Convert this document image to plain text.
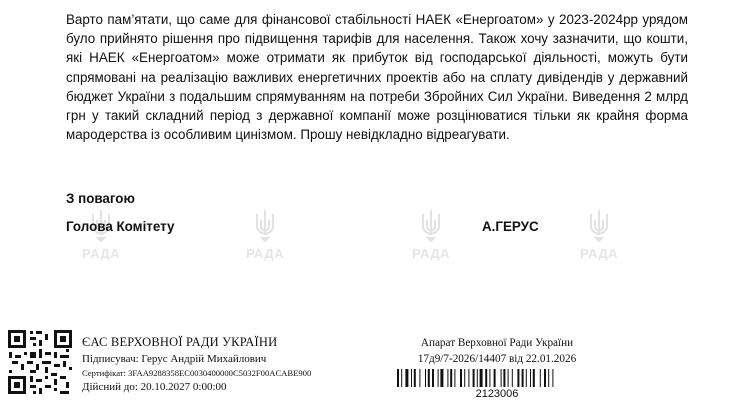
Варто пам’ятати, що саме для фінансової стабільності НАЕК «Енергоатом» у 2023-2024рр урядом було прийнято рішення про підвищення тарифів для населення. Також хочу зазначити, що кошти, які НАЕК «Енергоатом» може отримати як прибуток від господарської діяльності, можуть бути спрямовані на реалізацію важливих енергетичних проектів або на сплату дивідендів у державний бюджет України з подальшим спрямуванням на потреби Збройних Сил України. Виведення 2 млрд грн у такий складний період з державної компанії може розцінюватися тільки як крайня форма мародерства із особливим цинізмом. Прошу невідкладно відреагувати.

РАДА	РАДА	РАДА	РАДА
З повагою
Голова Комітету	А.ГЕРУС
ЄАС ВЕРХОВНОЇ РАДИ УКРАЇНИ
Підписувач: Герус Андрій Михайлович
Сертифікат: 3FAA9288358EC0030400000C5032F00ACABE900
Дійсний до: 20.10.2027 0:00:00
Апарат Верховної Ради України
17д9/7-2026/14407 від 22.01.2026
2123006
